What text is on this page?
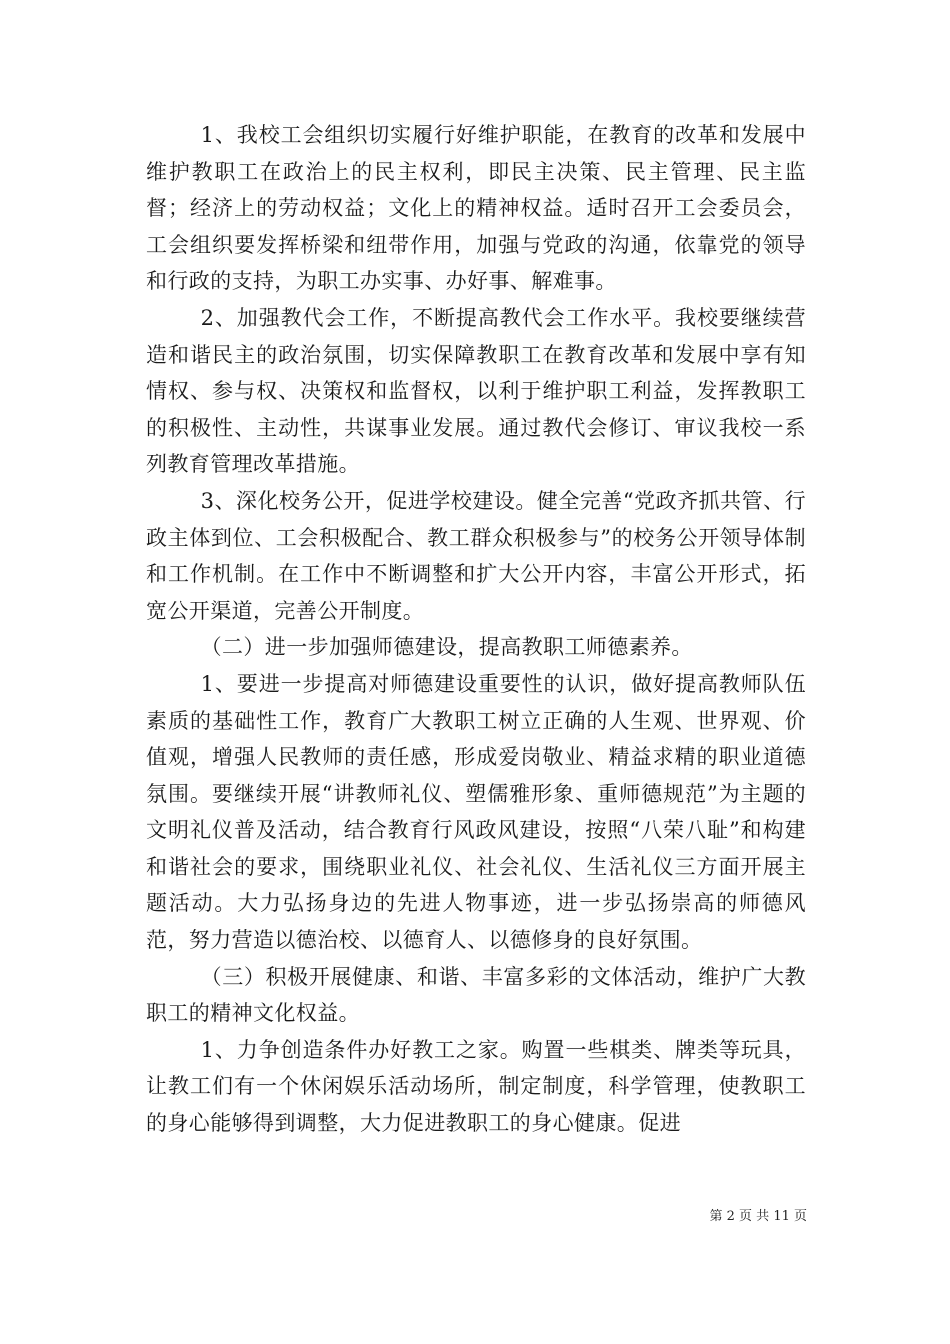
1、我校工会组织切实履行好维护职能，在教育的改革和发展中维护教职工在政治上的民主权利，即民主决策、民主管理、民主监督；经济上的劳动权益；文化上的精神权益。适时召开工会委员会，工会组织要发挥桥梁和纽带作用，加强与党政的沟通，依靠党的领导和行政的支持，为职工办实事、办好事、解难事。

2、加强教代会工作，不断提高教代会工作水平。我校要继续营造和谐民主的政治氛围，切实保障教职工在教育改革和发展中享有知情权、参与权、决策权和监督权，以利于维护职工利益，发挥教职工的积极性、主动性，共谋事业发展。通过教代会修订、审议我校一系列教育管理改革措施。

3、深化校务公开，促进学校建设。健全完善“党政齐抓共管、行政主体到位、工会积极配合、教工群众积极参与”的校务公开领导体制和工作机制。在工作中不断调整和扩大公开内容，丰富公开形式，拓宽公开渠道，完善公开制度。

（二）进一步加强师德建设，提高教职工师德素养。

1、要进一步提高对师德建设重要性的认识，做好提高教师队伍素质的基础性工作，教育广大教职工树立正确的人生观、世界观、价值观，增强人民教师的责任感，形成爱岗敬业、精益求精的职业道德氛围。要继续开展“讲教师礼仪、塑儒雅形象、重师德规范”为主题的文明礼仪普及活动，结合教育行风政风建设，按照“八荣八耻”和构建和谐社会的要求，围绕职业礼仪、社会礼仪、生活礼仪三方面开展主题活动。大力弘扬身边的先进人物事迹，进一步弘扬崇高的师德风范，努力营造以德治校、以德育人、以德修身的良好氛围。

（三）积极开展健康、和谐、丰富多彩的文体活动，维护广大教职工的精神文化权益。

1、力争创造条件办好教工之家。购置一些棋类、牌类等玩具，让教工们有一个休闲娱乐活动场所，制定制度，科学管理，使教职工的身心能够得到调整，大力促进教职工的身心健康。促进

第 2 页 共 11 页
